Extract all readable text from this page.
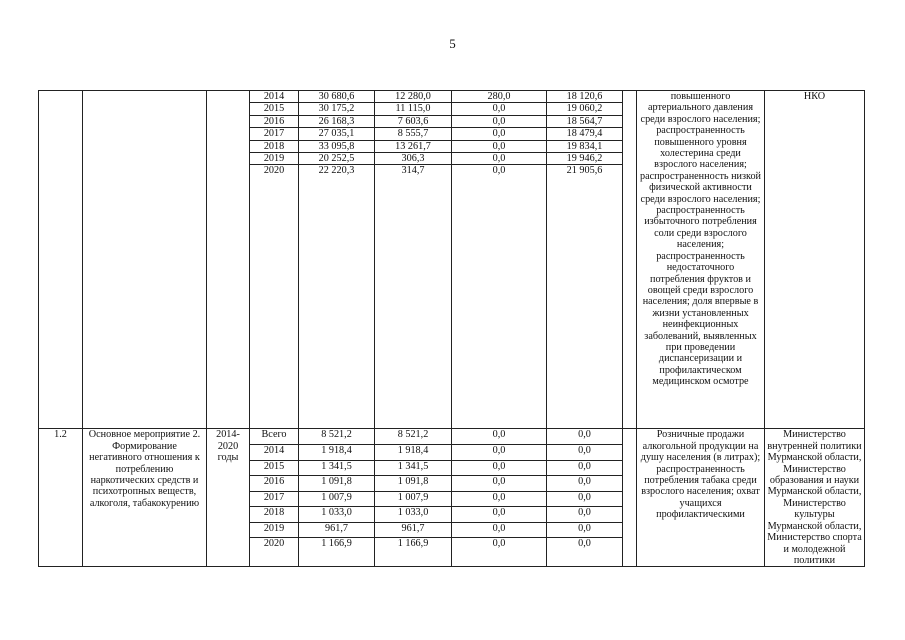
5
			2014	30 680,6	12 280,0	280,0	18 120,6		повышенного артериального давления среди взрослого населения; распространенность повышенного уровня холестерина среди взрослого населения; распространенность низкой физической активности среди взрослого населения; распространенность избыточного потребления соли среди взрослого населения; распространенность недостаточного потребления фруктов и овощей среди взрослого населения; доля впервые в жизни установленных неинфекционных заболеваний, выявленных при проведении диспансеризации и профилактическом медицинском осмотре	НКО
			2015	30 175,2	11 115,0	0,0	19 060,2			
			2016	26 168,3	7 603,6	0,0	18 564,7			
			2017	27 035,1	8 555,7	0,0	18 479,4			
			2018	33 095,8	13 261,7	0,0	19 834,1			
			2019	20 252,5	306,3	0,0	19 946,2			
			2020	22 220,3	314,7	0,0	21 905,6			
1.2	Основное мероприятие 2. Формирование негативного отношения к потреблению наркотических средств и психотропных веществ, алкоголя, табакокурению	2014-2020 годы	Всего	8 521,2	8 521,2	0,0	0,0		Розничные продажи алкогольной продукции на душу населения (в литрах); распространенность потребления табака среди взрослого населения; охват учащихся профилактическими	Министерство внутренней политики Мурманской области, Министерство образования и науки Мурманской области, Министерство культуры Мурманской области, Министерство спорта и молодежной политики
			2014	1 918,4	1 918,4	0,0	0,0			
			2015	1 341,5	1 341,5	0,0	0,0			
			2016	1 091,8	1 091,8	0,0	0,0			
			2017	1 007,9	1 007,9	0,0	0,0			
			2018	1 033,0	1 033,0	0,0	0,0			
			2019	961,7	961,7	0,0	0,0			
			2020	1 166,9	1 166,9	0,0	0,0			
